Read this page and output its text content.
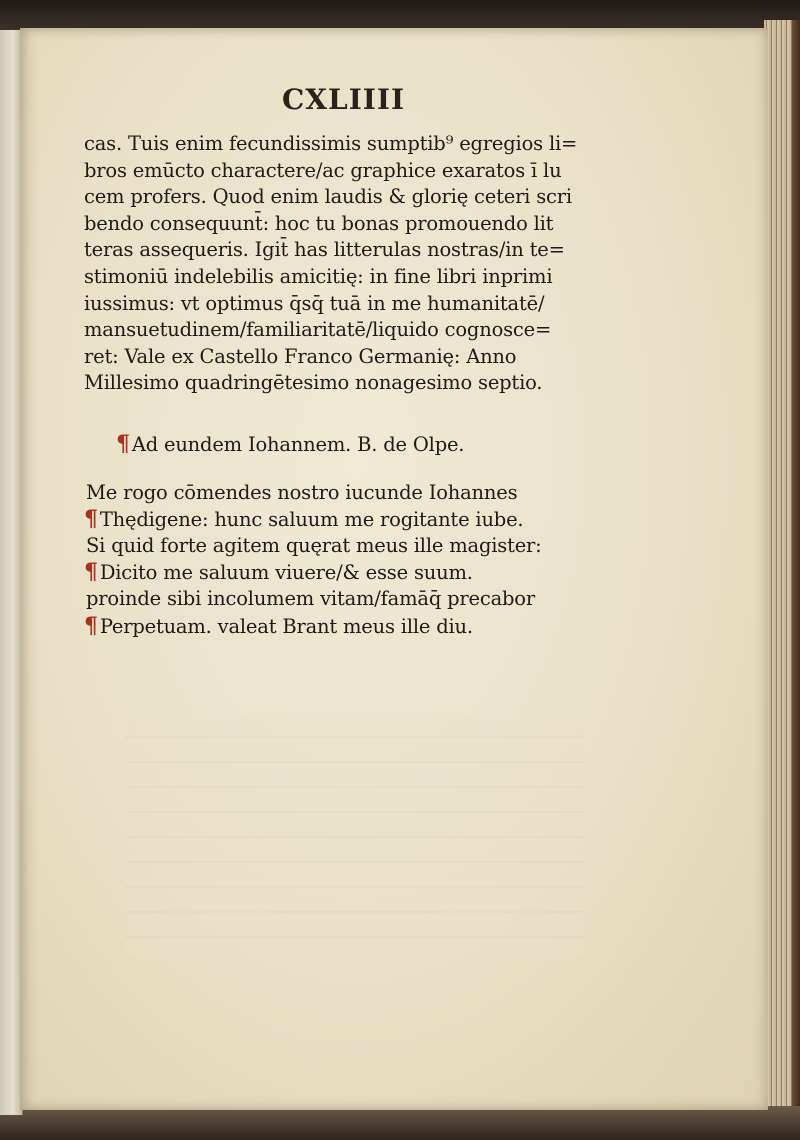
CXLIIII
cas. Tuis enim fecundissimis sumptib⁹ egregios li=
bros emūcto charactere/ac graphice exaratos ī lu
cem profers. Quod enim laudis & glorię ceteri scri
bendo consequunt̄: hoc tu bonas promouendo lit
teras assequeris. Igit̄ has litterulas nostras/in te=
stimoniū indelebilis amicitię: in fine libri inprimi
iussimus: vt optimus q̄sq̄ tuā in me humanitatē/
mansuetudinem/familiaritatē/liquido cognosce=
ret: Vale ex Castello Franco Germanię: Anno
Millesimo quadringētesimo nonagesimo septio.
¶ Ad eundem Iohannem. B. de Olpe.
Me rogo cōmendes nostro iucunde Iohannes
¶ Thędigene: hunc saluum me rogitante iube.
Si quid forte agitem quęrat meus ille magister:
¶ Dicito me saluum viuere/& esse suum.
proinde sibi incolumem vitam/famāq̄ precabor
¶ Perpetuam. valeat Brant meus ille diu.
